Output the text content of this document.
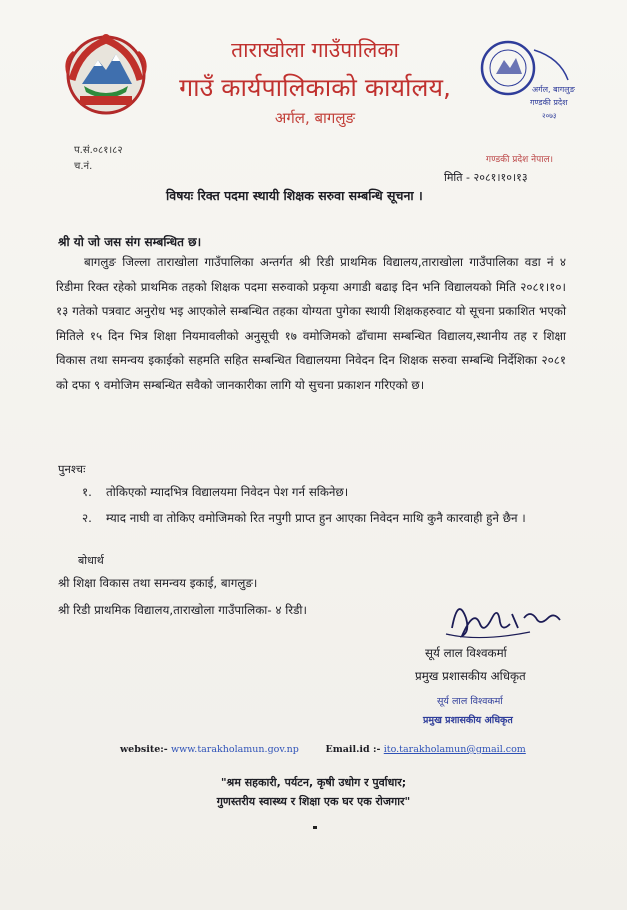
ताराखोला गाउँपालिका
गाउँ कार्यपालिकाको कार्यालय,
अर्गल, बागलुङ
अर्गल, बागलुङ
गण्डकी प्रदेश
२०७३
प.सं.०८१।८२
च.नं.
गण्डकी प्रदेश नेपाल।
मिति - २०८१।१०।१३
विषयः रिक्त पदमा स्थायी शिक्षक सरुवा सम्बन्धि सूचना ।
श्री यो जो जस संग सम्बन्धित छ।
बागलुङ जिल्ला ताराखोला गाउँपालिका अन्तर्गत श्री रिडी प्राथमिक विद्यालय,ताराखोला गाउँपालिका वडा नं ४ रिडीमा रिक्त रहेको प्राथमिक तहको शिक्षक पदमा सरुवाको प्रकृया अगाडी बढाइ दिन भनि विद्यालयको मिति २०८१।१०।१३ गतेको पत्रवाट अनुरोध भइ आएकोले सम्बन्धित तहका योग्यता पुगेका स्थायी शिक्षकहरुवाट यो सूचना प्रकाशित भएको मितिले १५ दिन भित्र शिक्षा नियमावलीको अनुसूची १७ वमोजिमको ढाँचामा सम्बन्धित विद्यालय,स्थानीय तह र शिक्षा विकास तथा समन्वय इकाईको सहमति सहित सम्बन्धित विद्यालयमा निवेदन दिन शिक्षक सरुवा सम्बन्धि निर्देशिका २०८१ को दफा ९ वमोजिम सम्बन्धित सवैको जानकारीका लागि यो सुचना प्रकाशन गरिएको छ।
पुनश्चः
१. तोकिएको म्यादभित्र विद्यालयमा निवेदन पेश गर्न सकिनेछ।
२. म्याद नाघी वा तोकिए वमोजिमको रित नपुगी प्राप्त हुन आएका निवेदन माथि कुनै कारवाही हुने छैन ।
बोधार्थ
श्री शिक्षा विकास तथा समन्वय इकाई, बागलुङ।
श्री रिडी प्राथमिक विद्यालय,ताराखोला गाउँपालिका- ४ रिडी।
सूर्य लाल विश्वकर्मा
प्रमुख प्रशासकीय अधिकृत
सूर्य लाल विश्वकर्मा
प्रमुख प्रशासकीय अधिकृत
website:- www.tarakholamun.gov.np	Email.id :- ito.tarakholamun@gmail.com
"श्रम सहकारी, पर्यटन, कृषी उधोग र पुर्वाधार;
गुणस्तरीय स्वास्थ्य र शिक्षा एक घर एक रोजगार"
